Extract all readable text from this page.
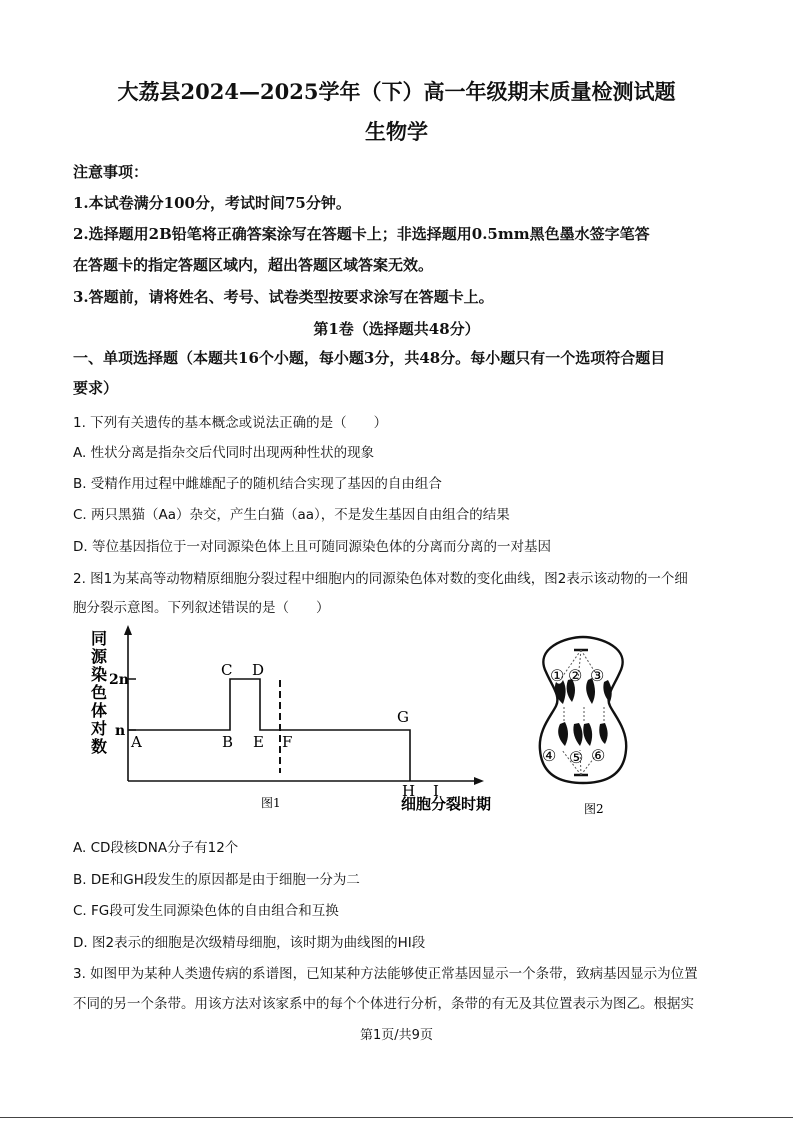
大荔县2024—2025学年（下）高一年级期末质量检测试题
生物学
注意事项：
1.本试卷满分100分，考试时间75分钟。
2.选择题用2B铅笔将正确答案涂写在答题卡上；非选择题用0.5mm黑色墨水签字笔答
在答题卡的指定答题区域内，超出答题区域答案无效。
3.答题前，请将姓名、考号、试卷类型按要求涂写在答题卡上。
第1卷（选择题共48分）
一、单项选择题（本题共16个小题，每小题3分，共48分。每小题只有一个选项符合题目
要求）
1. 下列有关遗传的基本概念或说法正确的是（　　）
A. 性状分离是指杂交后代同时出现两种性状的现象
B. 受精作用过程中雌雄配子的随机结合实现了基因的自由组合
C. 两只黑猫（Aa）杂交，产生白猫（aa），不是发生基因自由组合的结果
D. 等位基因指位于一对同源染色体上且可随同源染色体的分离而分离的一对基因
2. 图1为某高等动物精原细胞分裂过程中细胞内的同源染色体对数的变化曲线，图2表示该动物的一个细
胞分裂示意图。下列叙述错误的是（　　）
同
源
染
色
体
对
数
2n
n
A	B
C D
E F
G
H I
细胞分裂时期
图1
① ② ③
④ ⑤ ⑥
图2
A. CD段核DNA分子有12个
B. DE和GH段发生的原因都是由于细胞一分为二
C. FG段可发生同源染色体的自由组合和互换
D. 图2表示的细胞是次级精母细胞，该时期为曲线图的HI段
3. 如图甲为某种人类遗传病的系谱图，已知某种方法能够使正常基因显示一个条带，致病基因显示为位置
不同的另一个条带。用该方法对该家系中的每个个体进行分析，条带的有无及其位置表示为图乙。根据实
第1页/共9页
